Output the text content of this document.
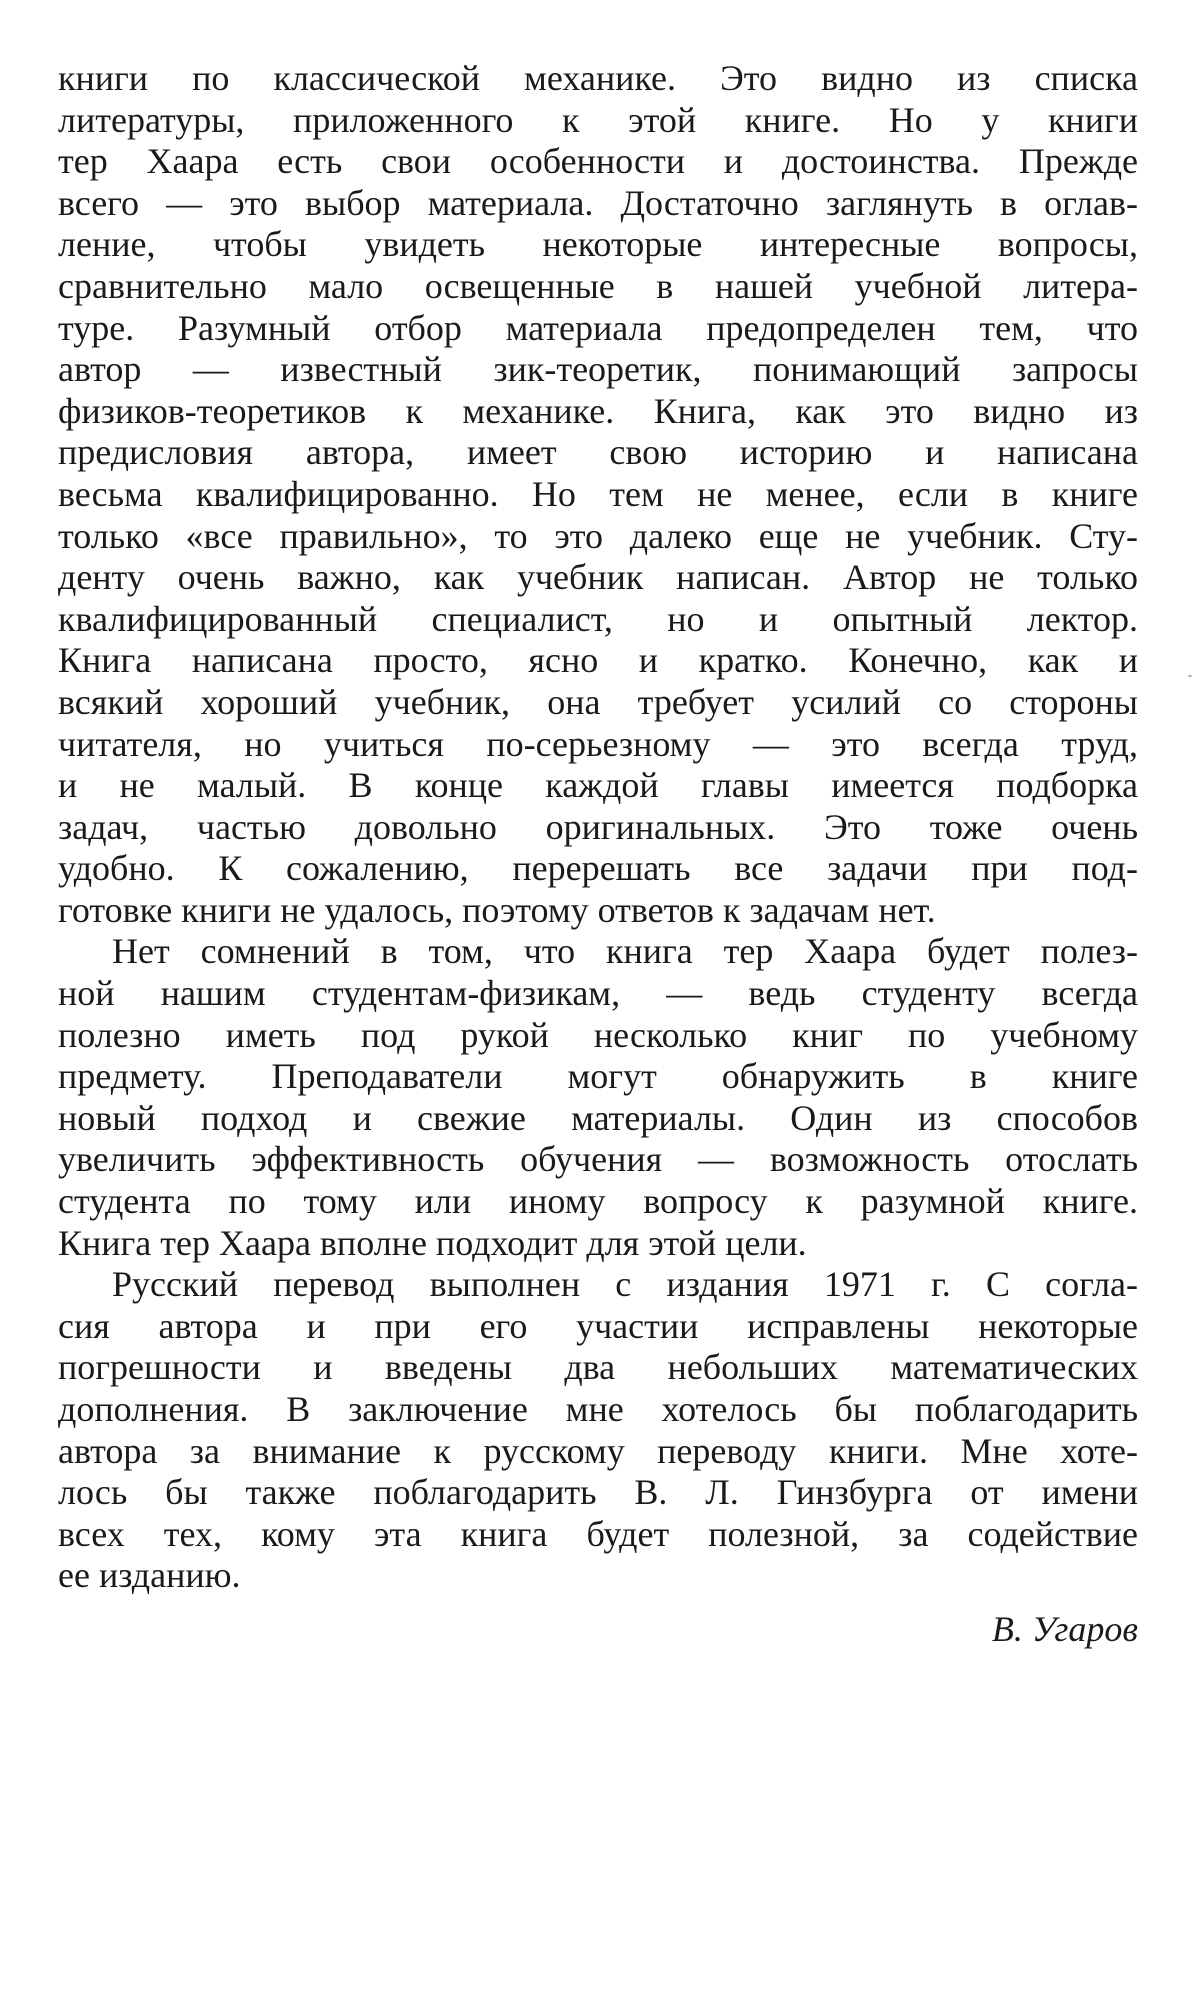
книги по классической механике. Это видно из списка
литературы, приложенного к этой книге. Но у книги
тер Хаара есть свои особенности и достоинства. Прежде
всего — это выбор материала. Достаточно заглянуть в оглав-
ление, чтобы увидеть некоторые интересные вопросы,
сравнительно мало освещенные в нашей учебной литера-
туре. Разумный отбор материала предопределен тем, что
автор — известный зик-теоретик, понимающий запросы
физиков-теоретиков к механике. Книга, как это видно из
предисловия автора, имеет свою историю и написана
весьма квалифицированно. Но тем не менее, если в книге
только «все правильно», то это далеко еще не учебник. Сту-
денту очень важно, как учебник написан. Автор не только
квалифицированный специалист, но и опытный лектор.
Книга написана просто, ясно и кратко. Конечно, как и
всякий хороший учебник, она требует усилий со стороны
читателя, но учиться по-серьезному — это всегда труд,
и не малый. В конце каждой главы имеется подборка
задач, частью довольно оригинальных. Это тоже очень
удобно. К сожалению, перерешать все задачи при под-
готовке книги не удалось, поэтому ответов к задачам нет.
Нет сомнений в том, что книга тер Хаара будет полез-
ной нашим студентам-физикам, — ведь студенту всегда
полезно иметь под рукой несколько книг по учебному
предмету. Преподаватели могут обнаружить в книге
новый подход и свежие материалы. Один из способов
увеличить эффективность обучения — возможность отослать
студента по тому или иному вопросу к разумной книге.
Книга тер Хаара вполне подходит для этой цели.
Русский перевод выполнен с издания 1971 г. С согла-
сия автора и при его участии исправлены некоторые
погрешности и введены два небольших математических
дополнения. В заключение мне хотелось бы поблагодарить
автора за внимание к русскому переводу книги. Мне хоте-
лось бы также поблагодарить В. Л. Гинзбурга от имени
всех тех, кому эта книга будет полезной, за содействие
ее изданию.
В. Угаров
-
